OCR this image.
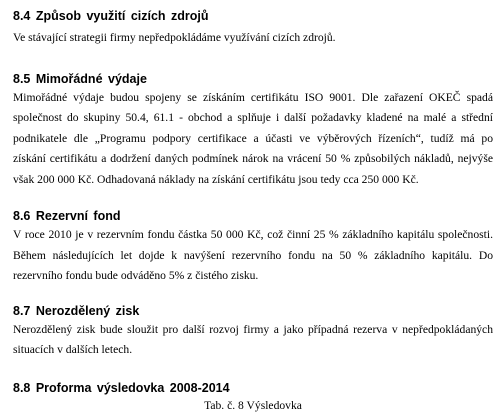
8.4 Způsob využití cizích zdrojů

Ve stávající strategii firmy nepředpokládáme využívání cizích zdrojů.

8.5 Mimořádné výdaje

Mimořádné výdaje budou spojeny se získáním certifikátu ISO 9001. Dle zařazení OKEČ spadá
společnost do skupiny 50.4, 61.1 - obchod a splňuje i další požadavky kladené na malé a střední
podnikatele dle „Programu podpory certifikace a účasti ve výběrových řízeních“, tudíž má po
získání certifikátu a dodržení daných podmínek nárok na vrácení 50 % způsobilých nákladů, nejvýše
však 200 000 Kč. Odhadovaná náklady na získání certifikátu jsou tedy cca 250 000 Kč.

8.6 Rezervní fond

V roce 2010 je v rezervním fondu částka 50 000 Kč, což činní 25 % základního kapitálu společnosti.
Během následujících let dojde k navýšení rezervního fondu na 50 % základního kapitálu. Do
rezervního fondu bude odváděno 5% z čistého zisku.

8.7 Nerozdělený zisk

Nerozdělený zisk bude sloužit pro další rozvoj firmy a jako případná rezerva v nepředpokládaných
situacích v dalších letech.

8.8 Proforma výsledovka 2008-2014
Tab. č. 8 Výsledovka
